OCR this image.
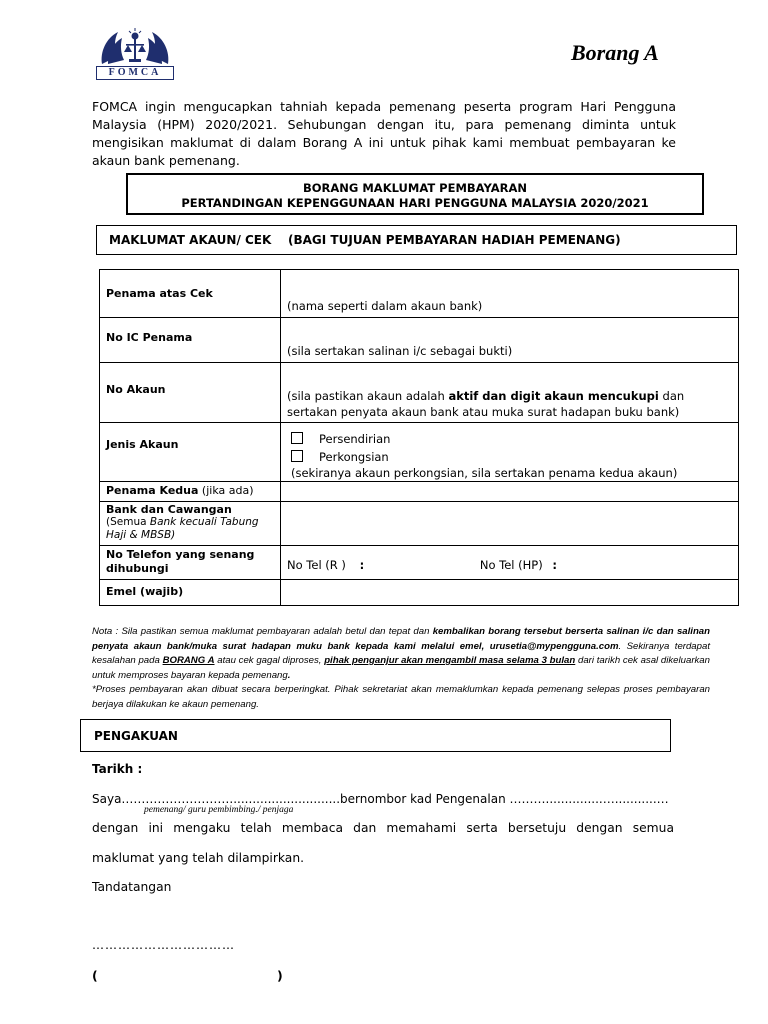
FOMCA
Borang A
FOMCA ingin mengucapkan tahniah kepada pemenang peserta program Hari Pengguna Malaysia (HPM) 2020/2021. Sehubungan dengan itu, para pemenang diminta untuk mengisikan maklumat di dalam Borang A ini untuk pihak kami membuat pembayaran ke akaun bank pemenang.
BORANG MAKLUMAT PEMBAYARAN
PERTANDINGAN KEPENGGUNAAN HARI PENGGUNA MALAYSIA 2020/2021
MAKLUMAT AKAUN/ CEK    (BAGI TUJUAN PEMBAYARAN HADIAH PEMENANG)
Penama atas Cek	(nama seperti dalam akaun bank)
No IC Penama	(sila sertakan salinan i/c sebagai bukti)
No Akaun	(sila pastikan akaun adalah aktif dan digit akaun mencukupi dan
sertakan penyata akaun bank atau muka surat hadapan buku bank)
Jenis Akaun	Persendirian
Perkongsian
(sekiranya akaun perkongsian, sila sertakan penama kedua akaun)

Penama Kedua (jika ada)	

Bank dan Cawangan
(Semua Bank kecuali Tabung Haji & MBSB)	

No Telefon yang senang dihubungi	No Tel (R ) : No Tel (HP) :
Emel (wajib)	
Nota : Sila pastikan semua maklumat pembayaran adalah betul dan tepat dan kembalikan borang tersebut berserta salinan i/c dan salinan penyata akaun bank/muka surat hadapan muku bank kepada kami melalui emel, urusetia@mypengguna.com. Sekiranya terdapat kesalahan pada BORANG A atau cek gagal diproses, pihak penganjur akan mengambil masa selama 3 bulan dari tarikh cek asal dikeluarkan untuk memproses bayaran kepada pemenang.
*Proses pembayaran akan dibuat secara berperingkat. Pihak sekretariat akan memaklumkan kepada pemenang selepas proses pembayaran berjaya dilakukan ke akaun pemenang.
PENGAKUAN
Tarikh :
Saya……………………….............................bernombor kad Pengenalan ………...............…...........…
pemenang/ guru pembimbing./ penjaga
dengan ini mengaku telah membaca dan memahami serta bersetuju dengan semua
maklumat yang telah dilampirkan.
Tandatangan
……………………………
(	)
